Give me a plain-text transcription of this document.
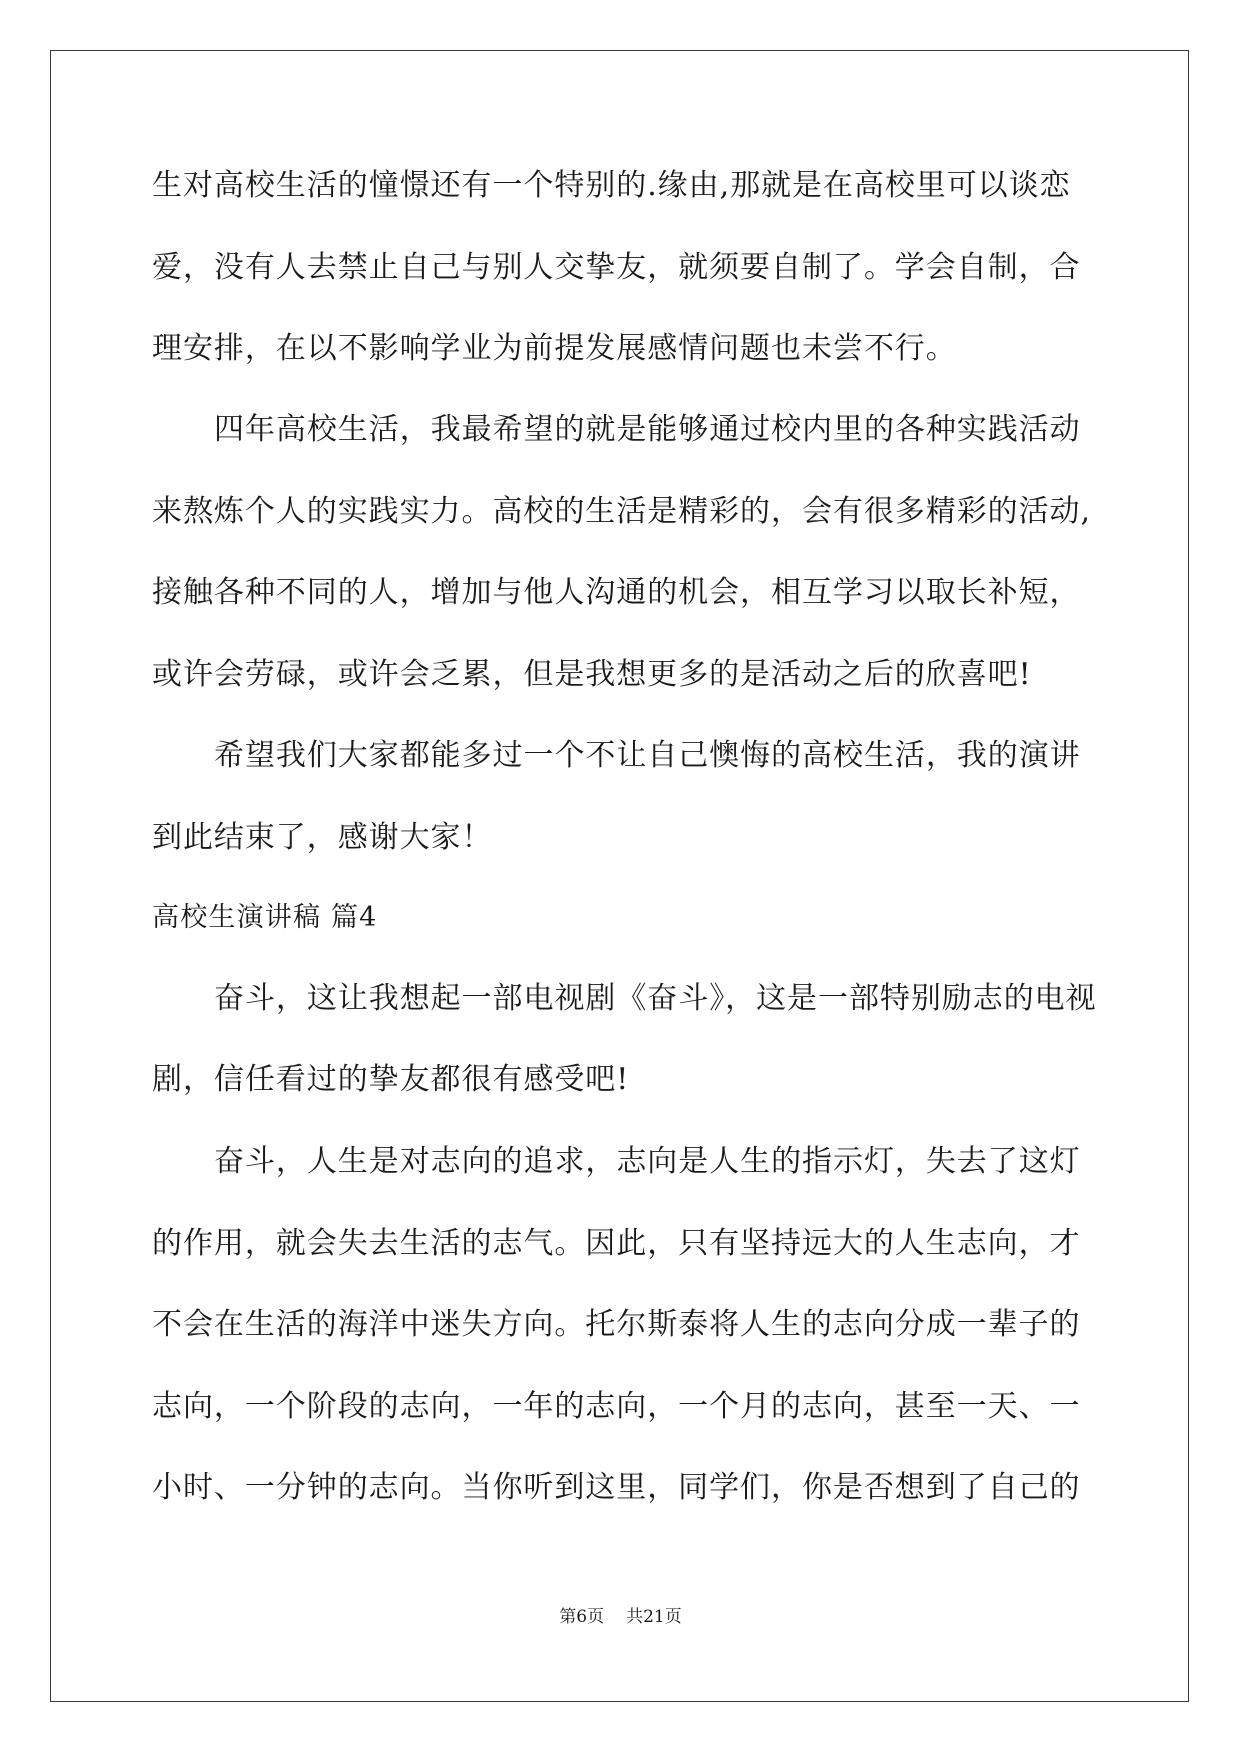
生对高校生活的憧憬还有一个特别的.缘由,那就是在高校里可以谈恋
爱，没有人去禁止自己与别人交挚友，就须要自制了。学会自制，合
理安排，在以不影响学业为前提发展感情问题也未尝不行。
四年高校生活，我最希望的就是能够通过校内里的各种实践活动
来熬炼个人的实践实力。高校的生活是精彩的，会有很多精彩的活动,
接触各种不同的人，增加与他人沟通的机会，相互学习以取长补短，
或许会劳碌，或许会乏累，但是我想更多的是活动之后的欣喜吧!
希望我们大家都能多过一个不让自己懊悔的高校生活，我的演讲
到此结束了，感谢大家！
高校生演讲稿 篇4
奋斗，这让我想起一部电视剧《奋斗》，这是一部特别励志的电视
剧，信任看过的挚友都很有感受吧!
奋斗，人生是对志向的追求，志向是人生的指示灯，失去了这灯
的作用，就会失去生活的志气。因此，只有坚持远大的人生志向，才
不会在生活的海洋中迷失方向。托尔斯泰将人生的志向分成一辈子的
志向，一个阶段的志向，一年的志向，一个月的志向，甚至一天、一
小时、一分钟的志向。当你听到这里，同学们，你是否想到了自己的
第6页 共21页
